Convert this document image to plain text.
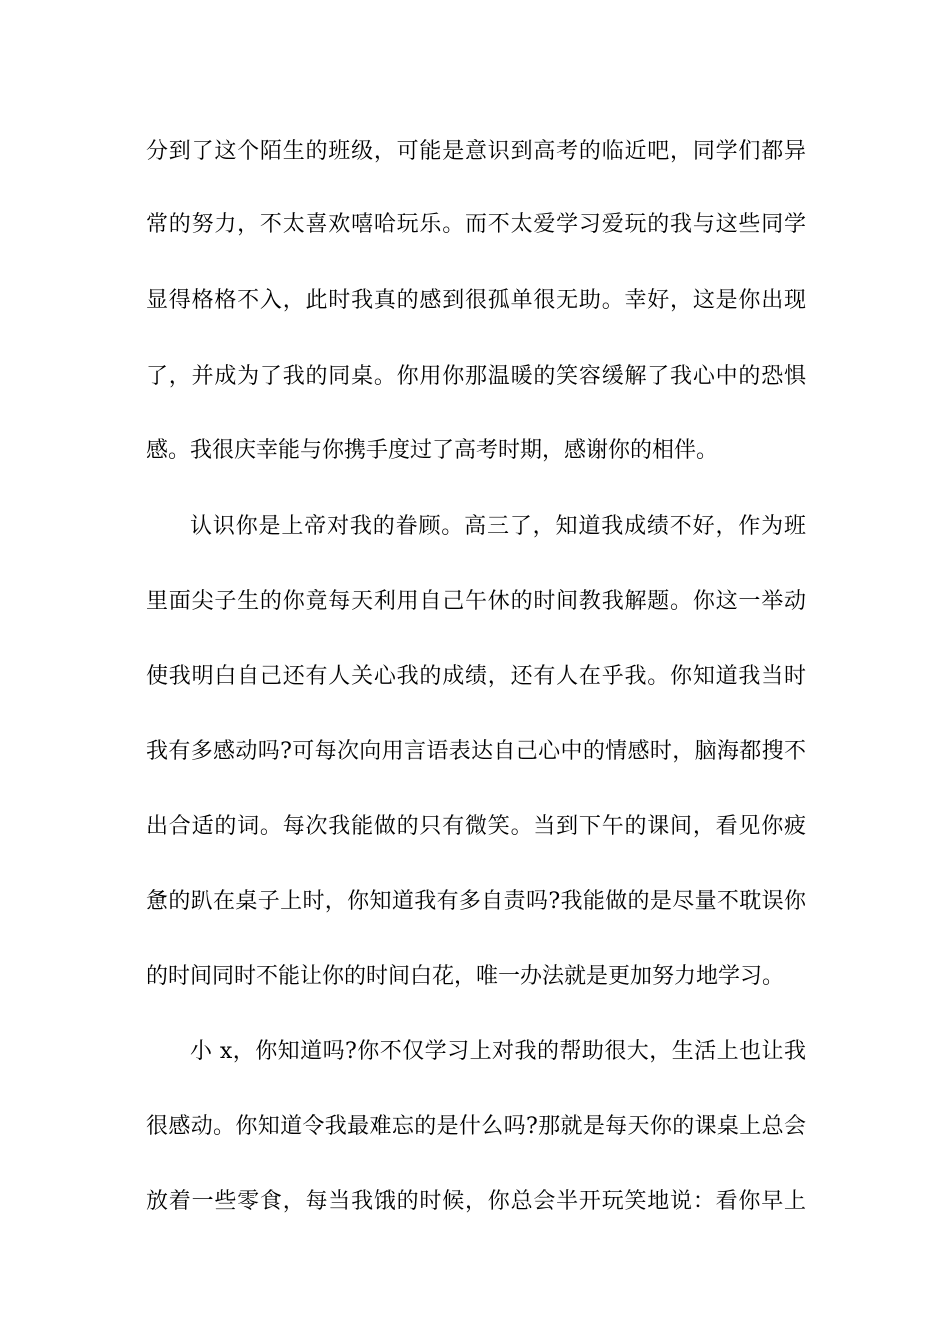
分到了这个陌生的班级，可能是意识到高考的临近吧，同学们都异
常的努力，不太喜欢嘻哈玩乐。而不太爱学习爱玩的我与这些同学
显得格格不入，此时我真的感到很孤单很无助。幸好，这是你出现
了，并成为了我的同桌。你用你那温暖的笑容缓解了我心中的恐惧
感。我很庆幸能与你携手度过了高考时期，感谢你的相伴。
认识你是上帝对我的眷顾。高三了，知道我成绩不好，作为班
里面尖子生的你竟每天利用自己午休的时间教我解题。你这一举动
使我明白自己还有人关心我的成绩，还有人在乎我。你知道我当时
我有多感动吗?可每次向用言语表达自己心中的情感时，脑海都搜不
出合适的词。每次我能做的只有微笑。当到下午的课间，看见你疲
惫的趴在桌子上时，你知道我有多自责吗?我能做的是尽量不耽误你
的时间同时不能让你的时间白花，唯一办法就是更加努力地学习。
小 x，你知道吗?你不仅学习上对我的帮助很大，生活上也让我
很感动。你知道令我最难忘的是什么吗?那就是每天你的课桌上总会
放着一些零食，每当我饿的时候，你总会半开玩笑地说：看你早上
